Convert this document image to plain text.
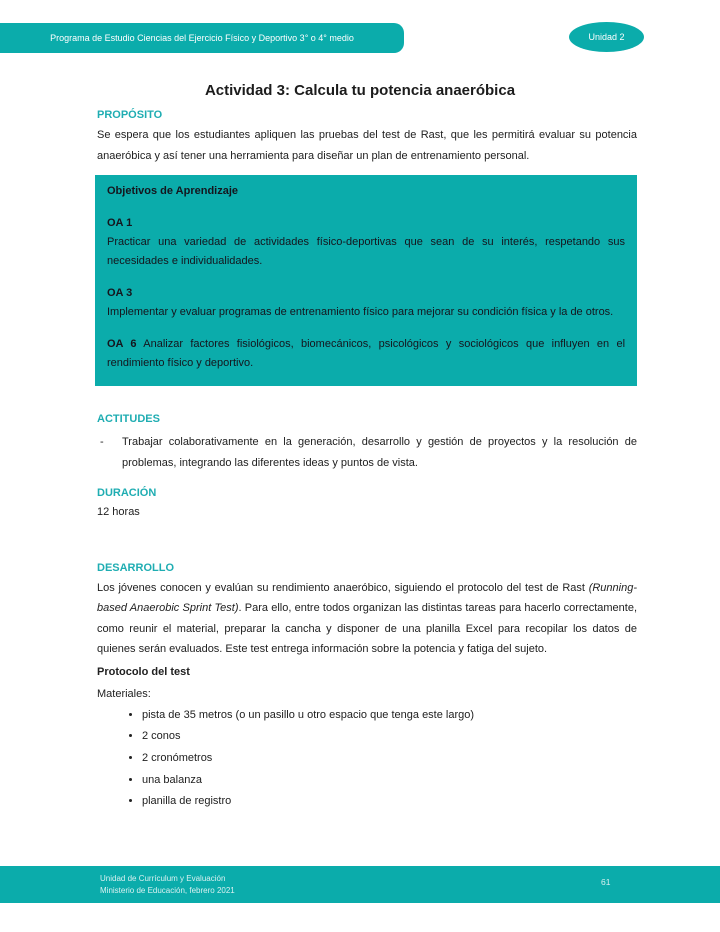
Programa de Estudio Ciencias del Ejercicio Físico y Deportivo 3° o 4° medio	Unidad 2
Actividad 3: Calcula tu potencia anaeróbica
PROPÓSITO

Se espera que los estudiantes apliquen las pruebas del test de Rast, que les permitirá evaluar su potencia anaeróbica y así tener una herramienta para diseñar un plan de entrenamiento personal.

Objetivos de Aprendizaje
OA 1

Practicar una variedad de actividades físico-deportivas que sean de su interés, respetando sus necesidades e individualidades.

OA 3

Implementar y evaluar programas de entrenamiento físico para mejorar su condición física y la de otros.

OA 6 Analizar factores fisiológicos, biomecánicos, psicológicos y sociológicos que influyen en el rendimiento físico y deportivo.

ACTITUDES
-	Trabajar colaborativamente en la generación, desarrollo y gestión de proyectos y la resolución de problemas, integrando las diferentes ideas y puntos de vista.

DURACIÓN

12 horas

DESARROLLO

Los jóvenes conocen y evalúan su rendimiento anaeróbico, siguiendo el protocolo del test de Rast (Running-based Anaerobic Sprint Test). Para ello, entre todos organizan las distintas tareas para hacerlo correctamente, como reunir el material, preparar la cancha y disponer de una planilla Excel para recopilar los datos de quienes serán evaluados. Este test entrega información sobre la potencia y fatiga del sujeto.

Protocolo del test

Materiales:

• pista de 35 metros (o un pasillo u otro espacio que tenga este largo)
• 2 conos
• 2 cronómetros
• una balanza
• planilla de registro
Unidad de Currículum y Evaluación
Ministerio de Educación, febrero 2021
61
